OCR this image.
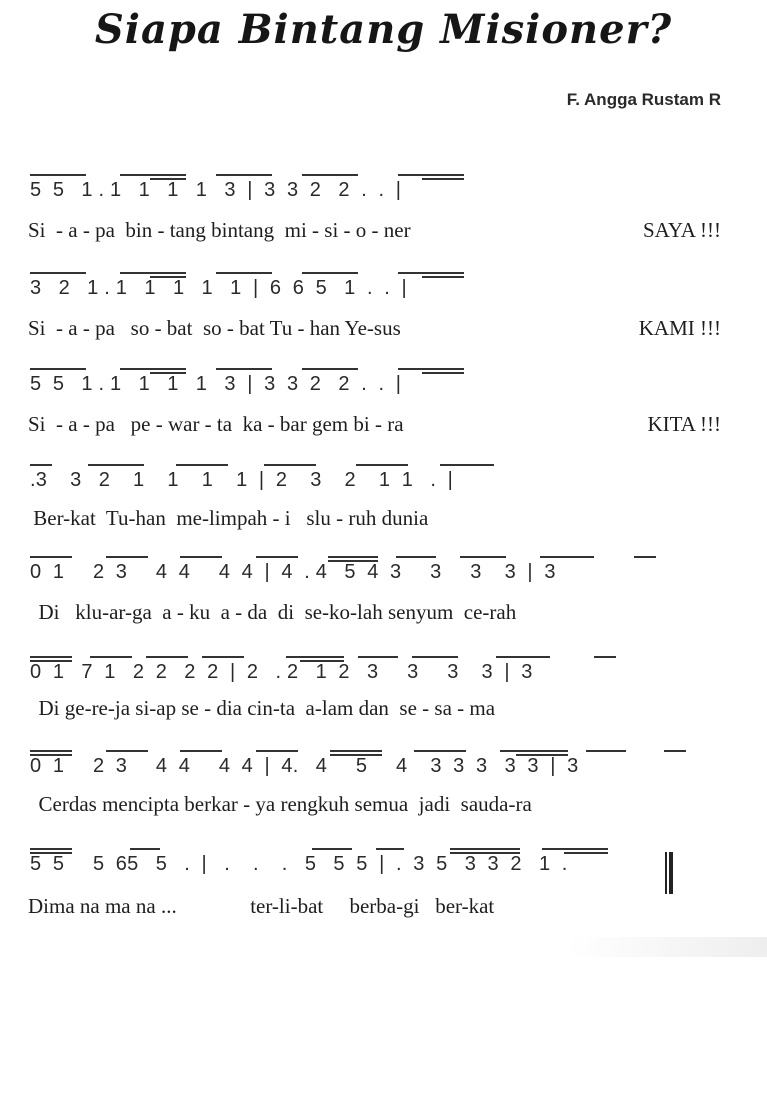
Siapa Bintang Misioner?
F. Angga Rustam R

5  5   1 . 1   1   1   1   3  |  3  3  2   2  .  .  |

Si  - a - pa  bin - tang bintang  mi - si - o - ner	SAYA !!!

3   2   1 . 1   1   1   1   1  |  6  6  5   1  .  .  |

Si  - a - pa   so - bat  so - bat Tu - han Ye-sus	KAMI !!!

5  5   1 . 1   1   1   1   3  |  3  3  2   2  .  .  |

Si  - a - pa   pe - war - ta  ka - bar gem bi - ra	KITA !!!

.3    3   2    1    1    1    1  |  2    3    2    1  1   .  |

Ber-kat  Tu-han  me-limpah - i   slu - ruh dunia

0  1     2  3     4  4     4  4  |  4  . 4   5  4  3     3     3    3  |  3

Di   klu-ar-ga  a - ku  a - da  di  se-ko-lah senyum  ce-rah

0  1   7  1   2  2   2  2  |  2   . 2   1  2   3     3     3    3  |  3

Di ge-re-ja si-ap se - dia cin-ta  a-lam dan  se - sa - ma

0  1     2  3     4  4     4  4  |  4.   4     5     4    3  3  3   3  3  |  3

Cerdas mencipta berkar - ya rengkuh semua  jadi  sauda-ra

5  5     5  65   5   .  |   .    .    .   5   5  5  |  .  3  5   3  3  2   1  .

Dima na ma na ...              ter-li-bat     berba-gi   ber-kat
